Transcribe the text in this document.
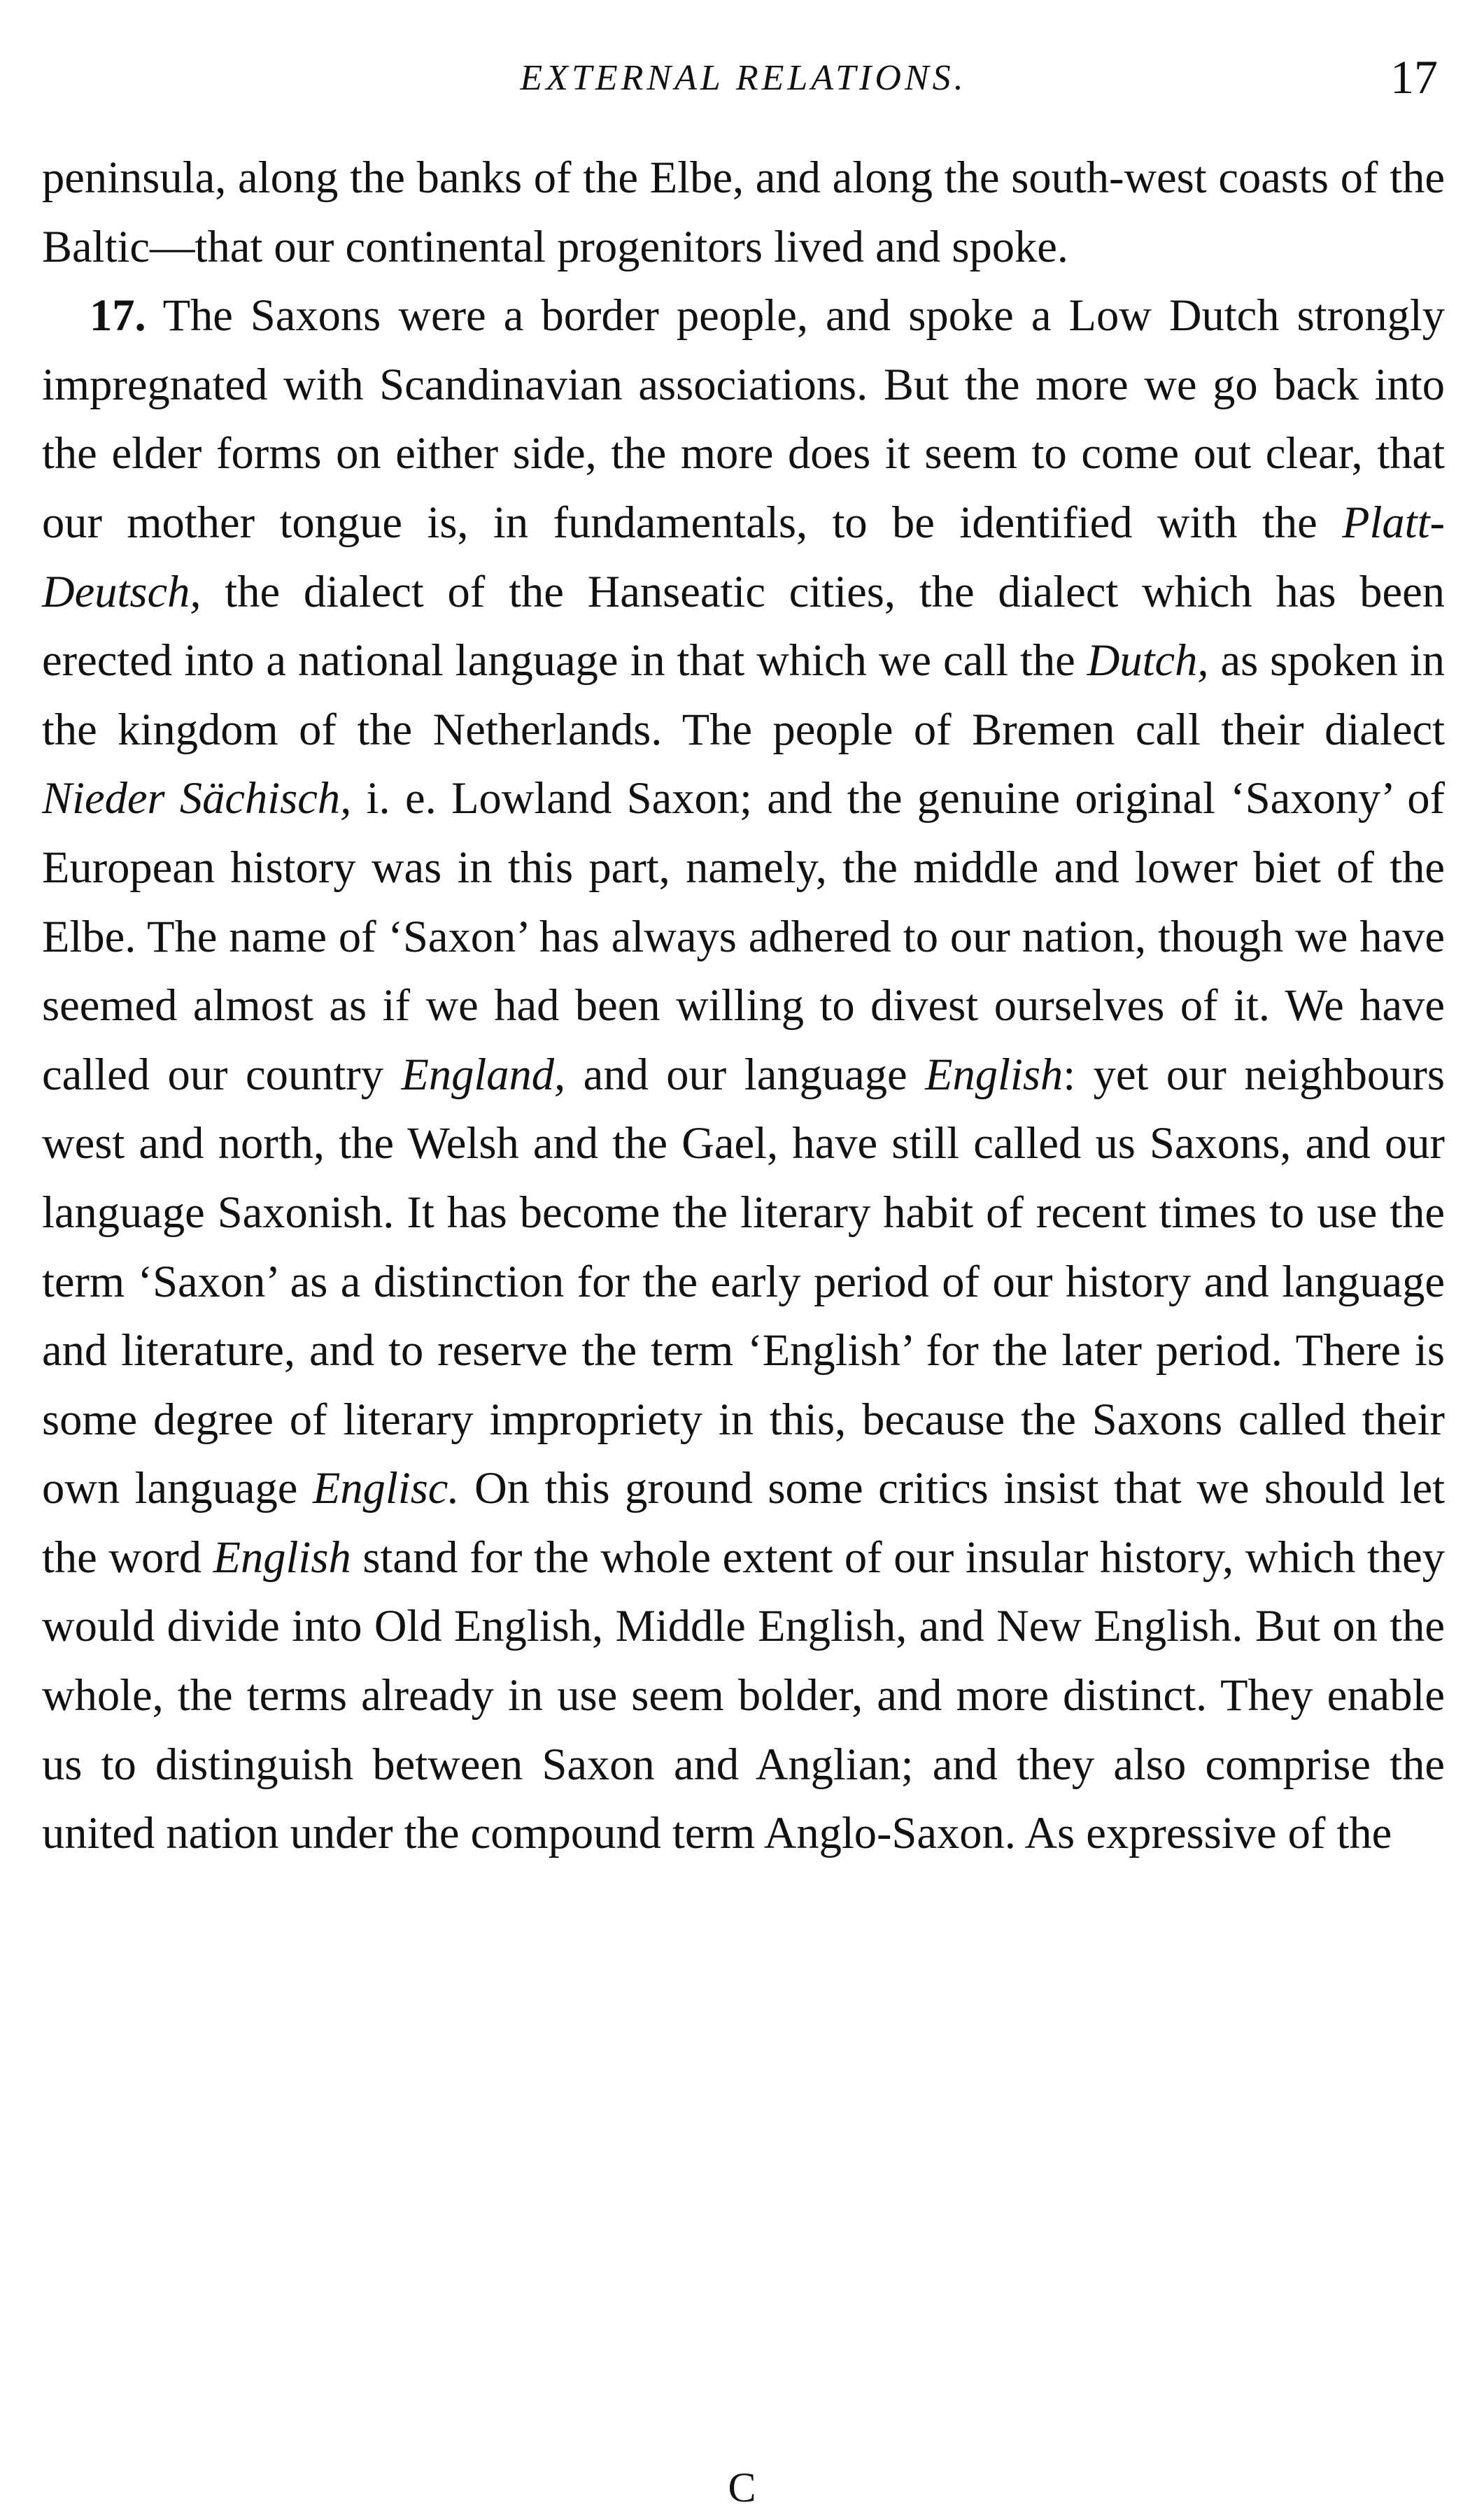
EXTERNAL RELATIONS.	17

peninsula, along the banks of the Elbe, and along the south-west coasts of the Baltic—that our continental progenitors lived and spoke.

17. The Saxons were a border people, and spoke a Low Dutch strongly impregnated with Scandinavian associations. But the more we go back into the elder forms on either side, the more does it seem to come out clear, that our mother tongue is, in fundamentals, to be identified with the Platt-Deutsch, the dialect of the Hanseatic cities, the dialect which has been erected into a national language in that which we call the Dutch, as spoken in the kingdom of the Netherlands. The people of Bremen call their dialect Nieder Sächisch, i. e. Lowland Saxon; and the genuine original ‘Saxony’ of European history was in this part, namely, the middle and lower biet of the Elbe. The name of ‘Saxon’ has always adhered to our nation, though we have seemed almost as if we had been willing to divest ourselves of it. We have called our country England, and our language English: yet our neighbours west and north, the Welsh and the Gael, have still called us Saxons, and our language Saxonish. It has become the literary habit of recent times to use the term ‘Saxon’ as a distinction for the early period of our history and language and literature, and to reserve the term ‘English’ for the later period. There is some degree of literary impropriety in this, because the Saxons called their own language Englisc. On this ground some critics insist that we should let the word English stand for the whole extent of our insular history, which they would divide into Old English, Middle English, and New English. But on the whole, the terms already in use seem bolder, and more distinct. They enable us to distinguish between Saxon and Anglian; and they also comprise the united nation under the compound term Anglo-Saxon. As expressive of the

C
